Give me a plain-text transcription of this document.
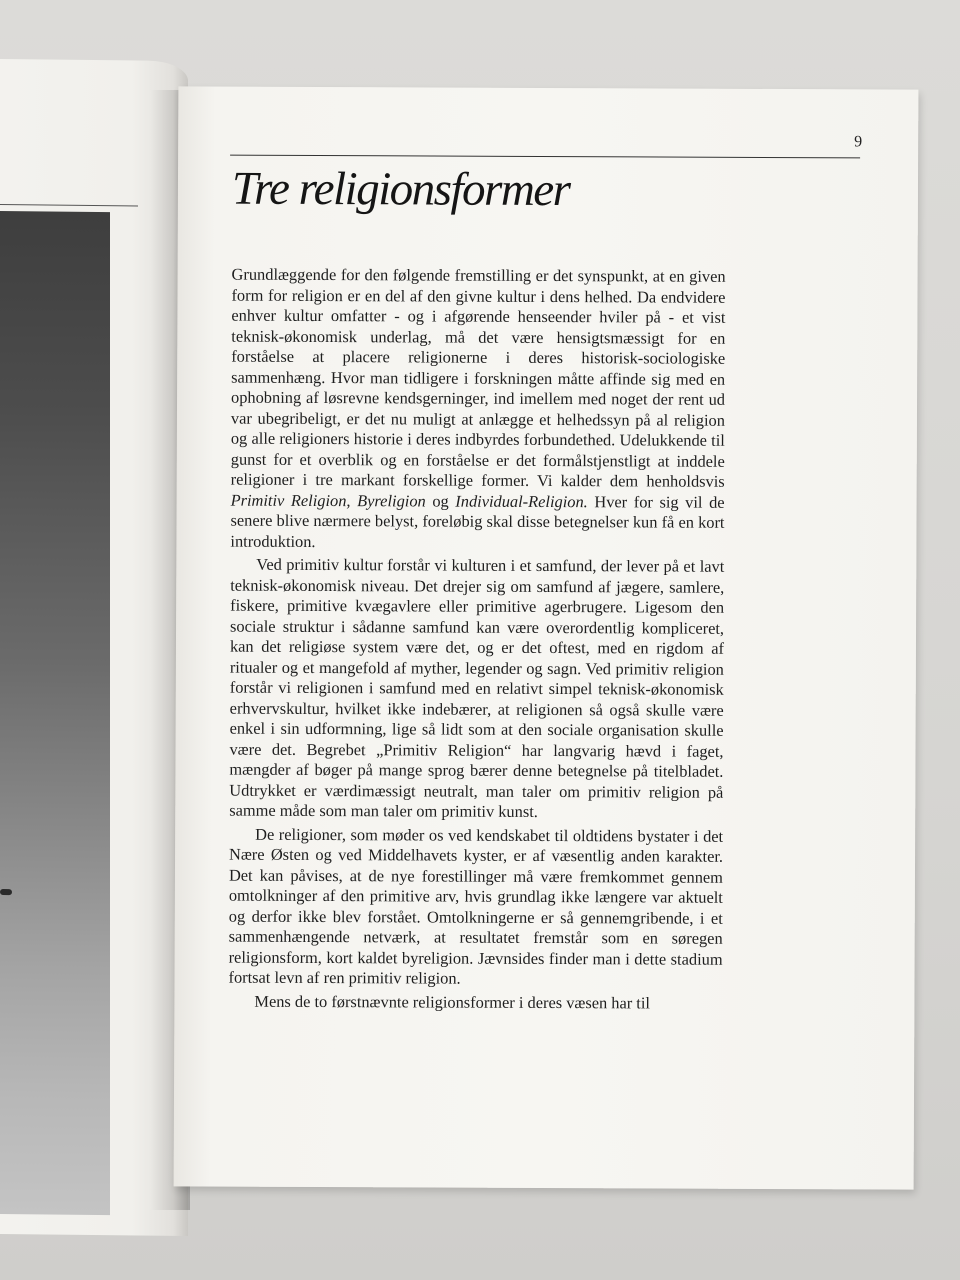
9
Tre religionsformer

Grundlæggende for den følgende fremstilling er det synspunkt, at en given form for religion er en del af den givne kultur i dens helhed. Da endvidere enhver kultur omfatter - og i afgørende henseender hviler på - et vist teknisk-økonomisk underlag, må det være hensigtsmæssigt for en forståelse at placere religionerne i deres historisk-sociologiske sammenhæng. Hvor man tidligere i forskningen måtte affinde sig med en ophobning af løsrevne kendsgerninger, ind imellem med noget der rent ud var ubegribeligt, er det nu muligt at anlægge et helhedssyn på al religion og alle religioners historie i deres indbyrdes forbundethed. Udelukkende til gunst for et overblik og en forståelse er det formålstjenstligt at inddele religioner i tre markant forskellige former. Vi kalder dem henholdsvis Primitiv Religion, Byreligion og Individual-Religion. Hver for sig vil de senere blive nærmere belyst, foreløbig skal disse betegnelser kun få en kort introduktion.

Ved primitiv kultur forstår vi kulturen i et samfund, der lever på et lavt teknisk-økonomisk niveau. Det drejer sig om samfund af jægere, samlere, fiskere, primitive kvægavlere eller primitive agerbrugere. Ligesom den sociale struktur i sådanne samfund kan være overordentlig kompliceret, kan det religiøse system være det, og er det oftest, med en rigdom af ritualer og et mangefold af myther, legender og sagn. Ved primitiv religion forstår vi religionen i samfund med en relativt simpel teknisk-økonomisk erhvervskultur, hvilket ikke indebærer, at religionen så også skulle være enkel i sin udformning, lige så lidt som at den sociale organisation skulle være det. Begrebet „Primitiv Religion“ har langvarig hævd i faget, mængder af bøger på mange sprog bærer denne betegnelse på titelbladet. Udtrykket er værdimæssigt neutralt, man taler om primitiv religion på samme måde som man taler om primitiv kunst.

De religioner, som møder os ved kendskabet til oldtidens bystater i det Nære Østen og ved Middelhavets kyster, er af væsentlig anden karakter. Det kan påvises, at de nye forestillinger må være fremkommet gennem omtolkninger af den primitive arv, hvis grundlag ikke længere var aktuelt og derfor ikke blev forstået. Omtolkningerne er så gennemgribende, i et sammenhængende netværk, at resultatet fremstår som en søregen religionsform, kort kaldet byreligion. Jævnsides finder man i dette stadium fortsat levn af ren primitiv religion.

Mens de to førstnævnte religionsformer i deres væsen har til
